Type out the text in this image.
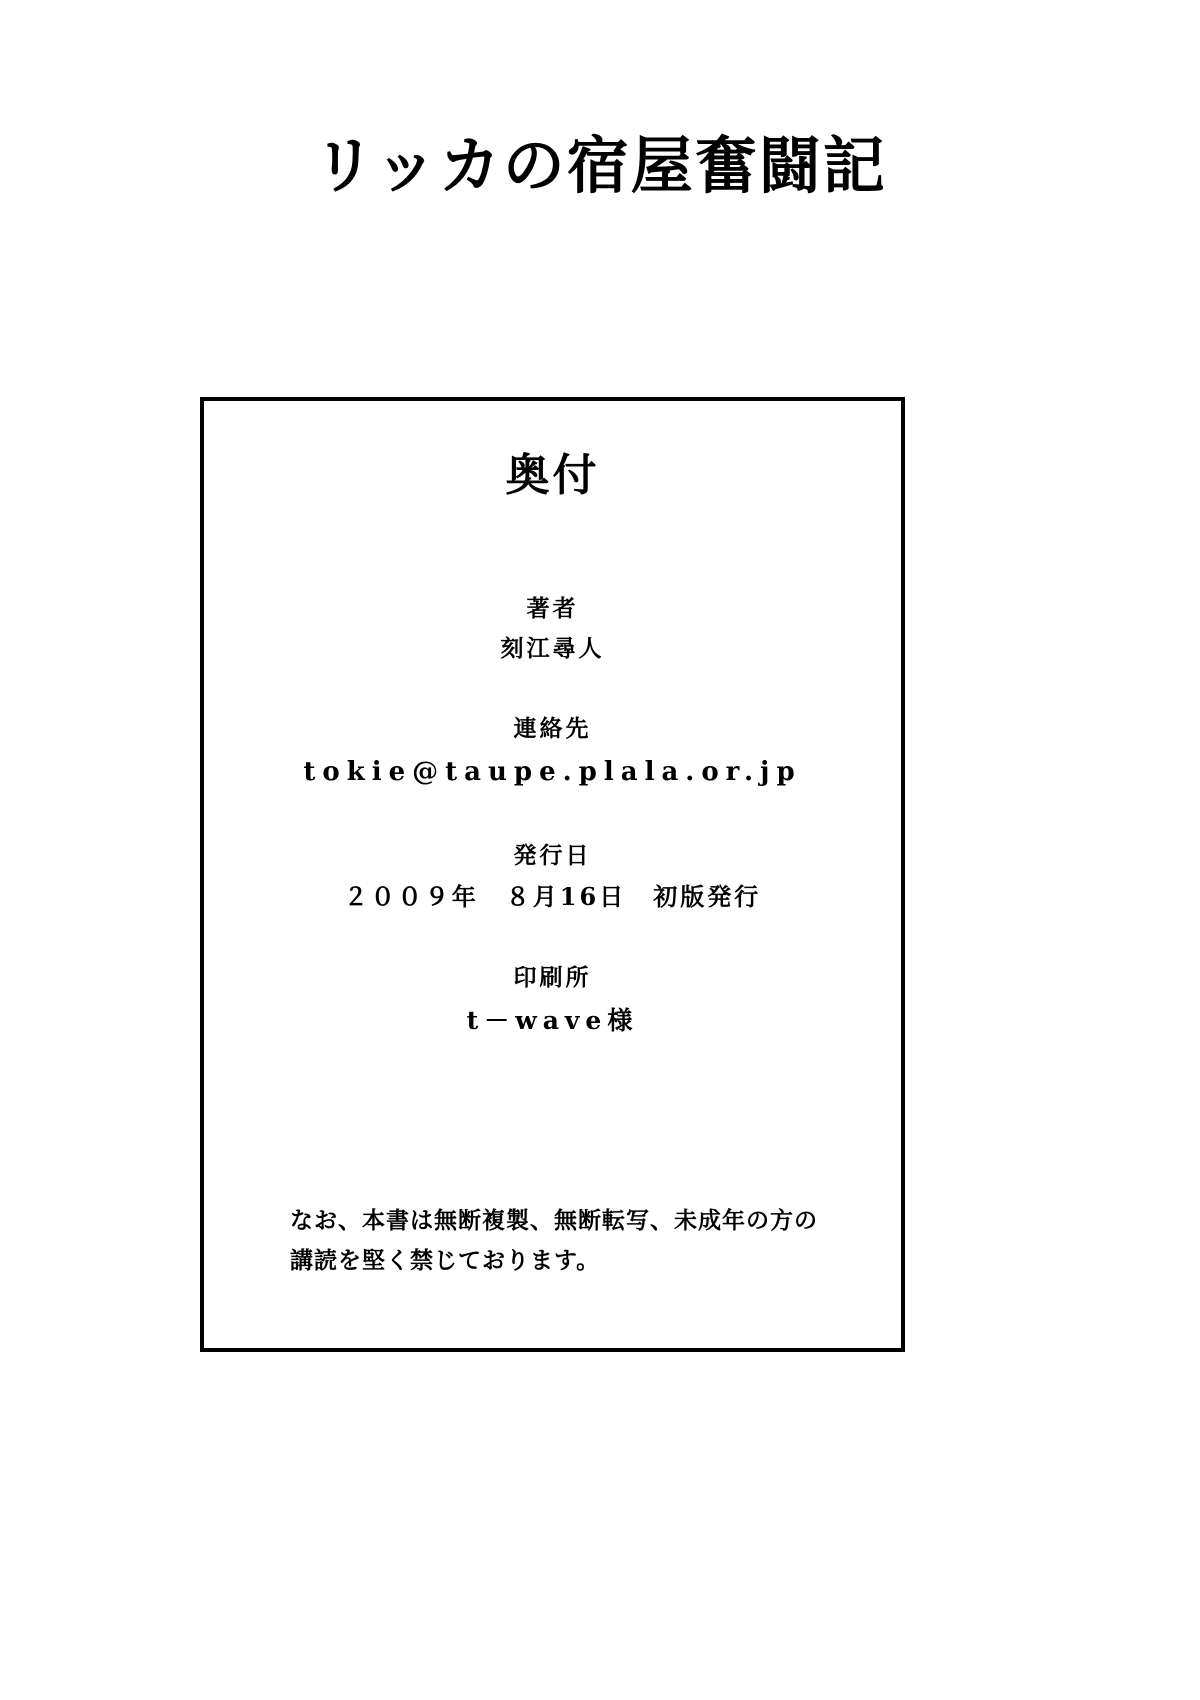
リッカの宿屋奮闘記
奥付
著者
刻江尋人
連絡先
tokie@taupe.plala.or.jp
発行日
２００９年　８月16日　初版発行
印刷所
t－wave様
なお、本書は無断複製、無断転写、未成年の方の
講読を堅く禁じております。
